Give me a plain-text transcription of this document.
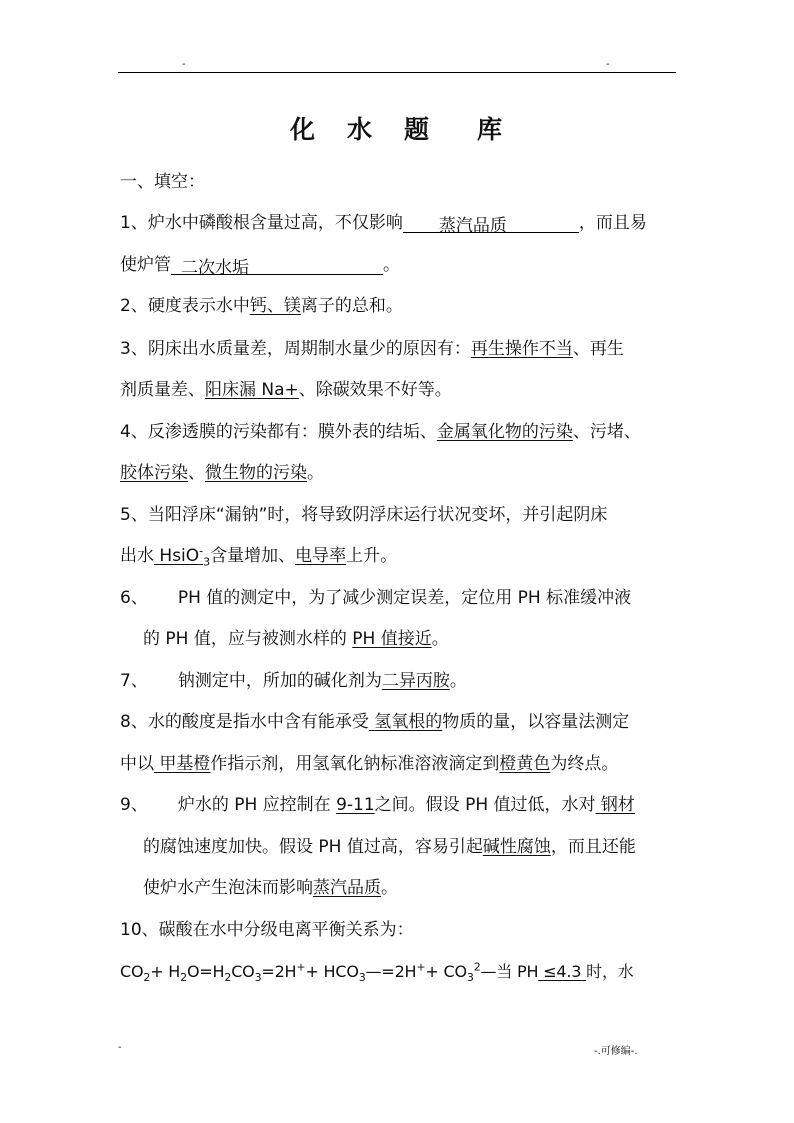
-	-
化 水 题 库
一、填空：
1、炉水中磷酸根含量过高，不仅影响 蒸汽品质	，而且易
使炉管 二次水垢	。
2、硬度表示水中钙、镁离子的总和。
3、阴床出水质量差，周期制水量少的原因有：再生操作不当、再生
剂质量差、阳床漏 Na+、除碳效果不好等。
4、反渗透膜的污染都有：膜外表的结垢、金属氧化物的污染、污堵、
胶体污染、微生物的污染。
5、当阳浮床“漏钠”时，将导致阴浮床运行状况变坏，并引起阴床
出水 HsiO-$_3$含量增加、电导率上升。
6、 PH 值的测定中，为了减少测定误差，定位用 PH 标准缓冲液
的 PH 值，应与被测水样的 PH 值接近。
7、 钠测定中，所加的碱化剂为二异丙胺。
8、水的酸度是指水中含有能承受 氢氧根的物质的量，以容量法测定
中以 甲基橙作指示剂，用氢氧化钠标准溶液滴定到橙黄色为终点。
9、 炉水的 PH 应控制在 9-11之间。假设 PH 值过低，水对 钢材
的腐蚀速度加快。假设 PH 值过高，容易引起碱性腐蚀，而且还能
使炉水产生泡沫而影响蒸汽品质。
10、碳酸在水中分级电离平衡关系为：
$CO_2+ H_2O=H_2CO_3=2H^++$ $HCO_3—=2H^++$ $CO_3^2—$当 PH ≤4.3 时，水
-	-.可修编-.
